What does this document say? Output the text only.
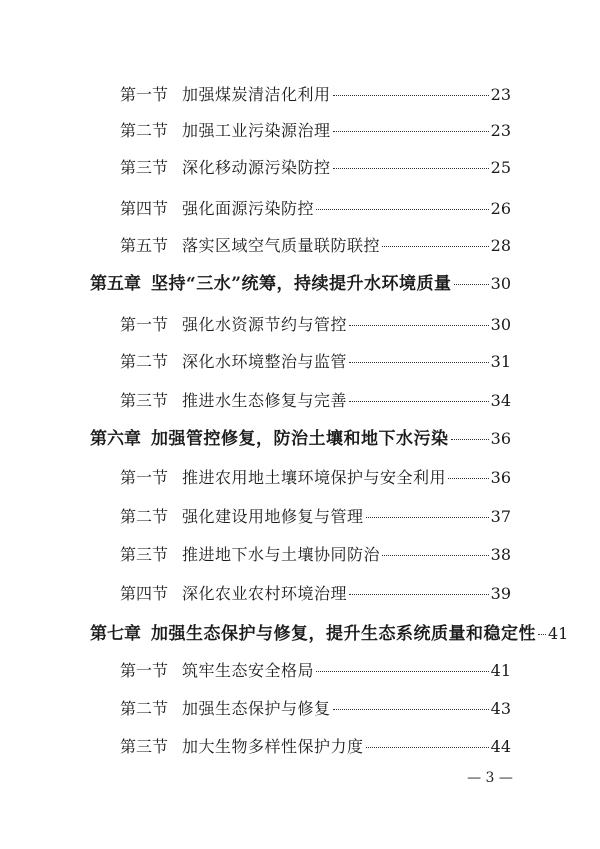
第一节 加强煤炭清洁化利用	23
第二节 加强工业污染源治理	23
第三节 深化移动源污染防控	25
第四节 强化面源污染防控	26
第五节 落实区域空气质量联防联控	28
第五章 坚持“三水”统筹，持续提升水环境质量 30
第一节 强化水资源节约与管控	30
第二节 深化水环境整治与监管	31
第三节 推进水生态修复与完善	34
第六章 加强管控修复，防治土壤和地下水污染	36
第一节 推进农用地土壤环境保护与安全利用	36
第二节 强化建设用地修复与管理	37
第三节 推进地下水与土壤协同防治	38
第四节 深化农业农村环境治理	39
第七章 加强生态保护与修复，提升生态系统质量和稳定性 41
第一节 筑牢生态安全格局	41
第二节 加强生态保护与修复	43
第三节 加大生物多样性保护力度	44
— 3 —
